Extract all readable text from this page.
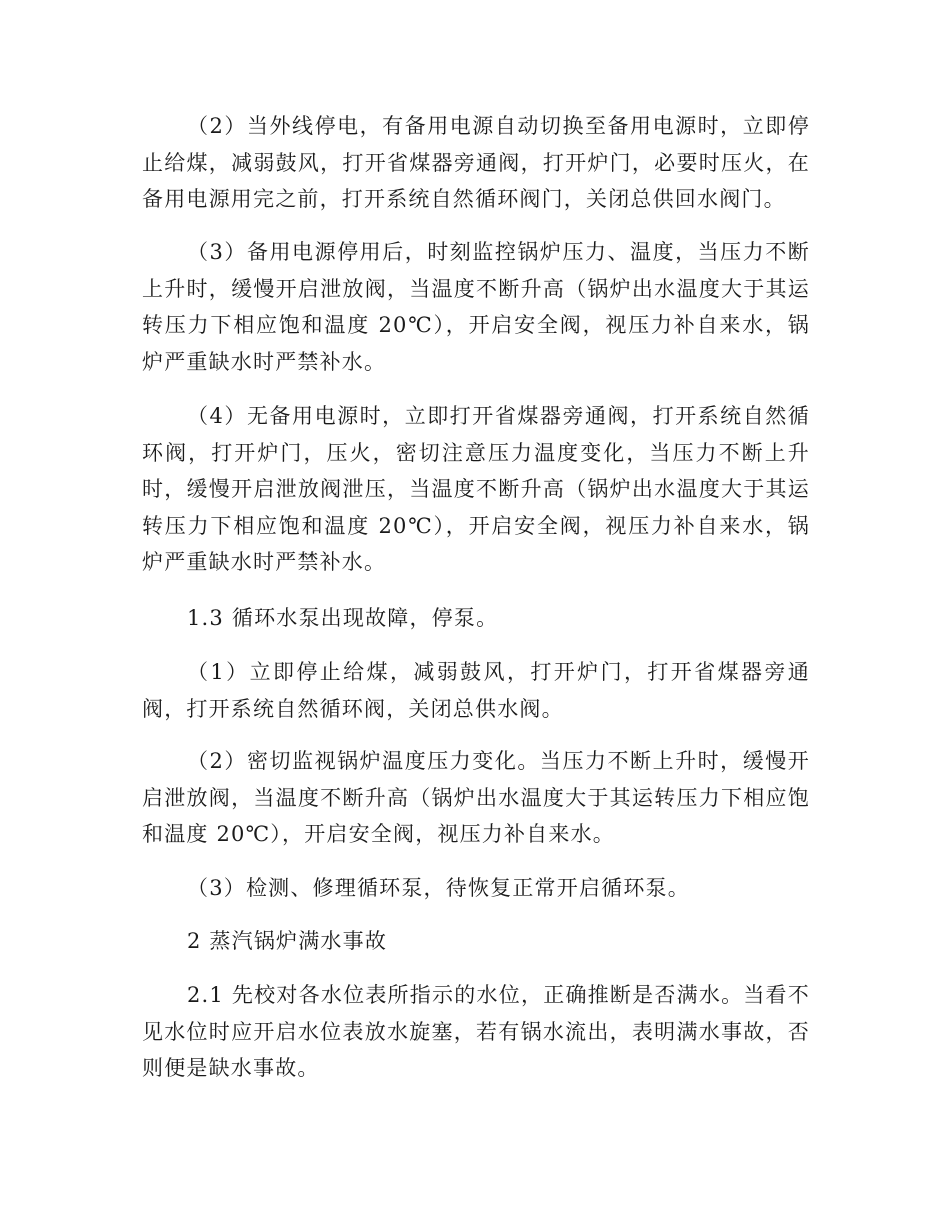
（2）当外线停电，有备用电源自动切换至备用电源时，立即停止给煤，减弱鼓风，打开省煤器旁通阀，打开炉门，必要时压火，在备用电源用完之前，打开系统自然循环阀门，关闭总供回水阀门。

（3）备用电源停用后，时刻监控锅炉压力、温度，当压力不断上升时，缓慢开启泄放阀，当温度不断升高（锅炉出水温度大于其运转压力下相应饱和温度 20℃），开启安全阀，视压力补自来水，锅炉严重缺水时严禁补水。

（4）无备用电源时，立即打开省煤器旁通阀，打开系统自然循环阀，打开炉门，压火，密切注意压力温度变化，当压力不断上升时，缓慢开启泄放阀泄压，当温度不断升高（锅炉出水温度大于其运转压力下相应饱和温度 20℃），开启安全阀，视压力补自来水，锅炉严重缺水时严禁补水。

1.3 循环水泵出现故障，停泵。

（1）立即停止给煤，减弱鼓风，打开炉门，打开省煤器旁通阀，打开系统自然循环阀，关闭总供水阀。

（2）密切监视锅炉温度压力变化。当压力不断上升时，缓慢开启泄放阀，当温度不断升高（锅炉出水温度大于其运转压力下相应饱和温度 20℃），开启安全阀，视压力补自来水。

（3）检测、修理循环泵，待恢复正常开启循环泵。

2 蒸汽锅炉满水事故

2.1 先校对各水位表所指示的水位，正确推断是否满水。当看不见水位时应开启水位表放水旋塞，若有锅水流出，表明满水事故，否则便是缺水事故。
